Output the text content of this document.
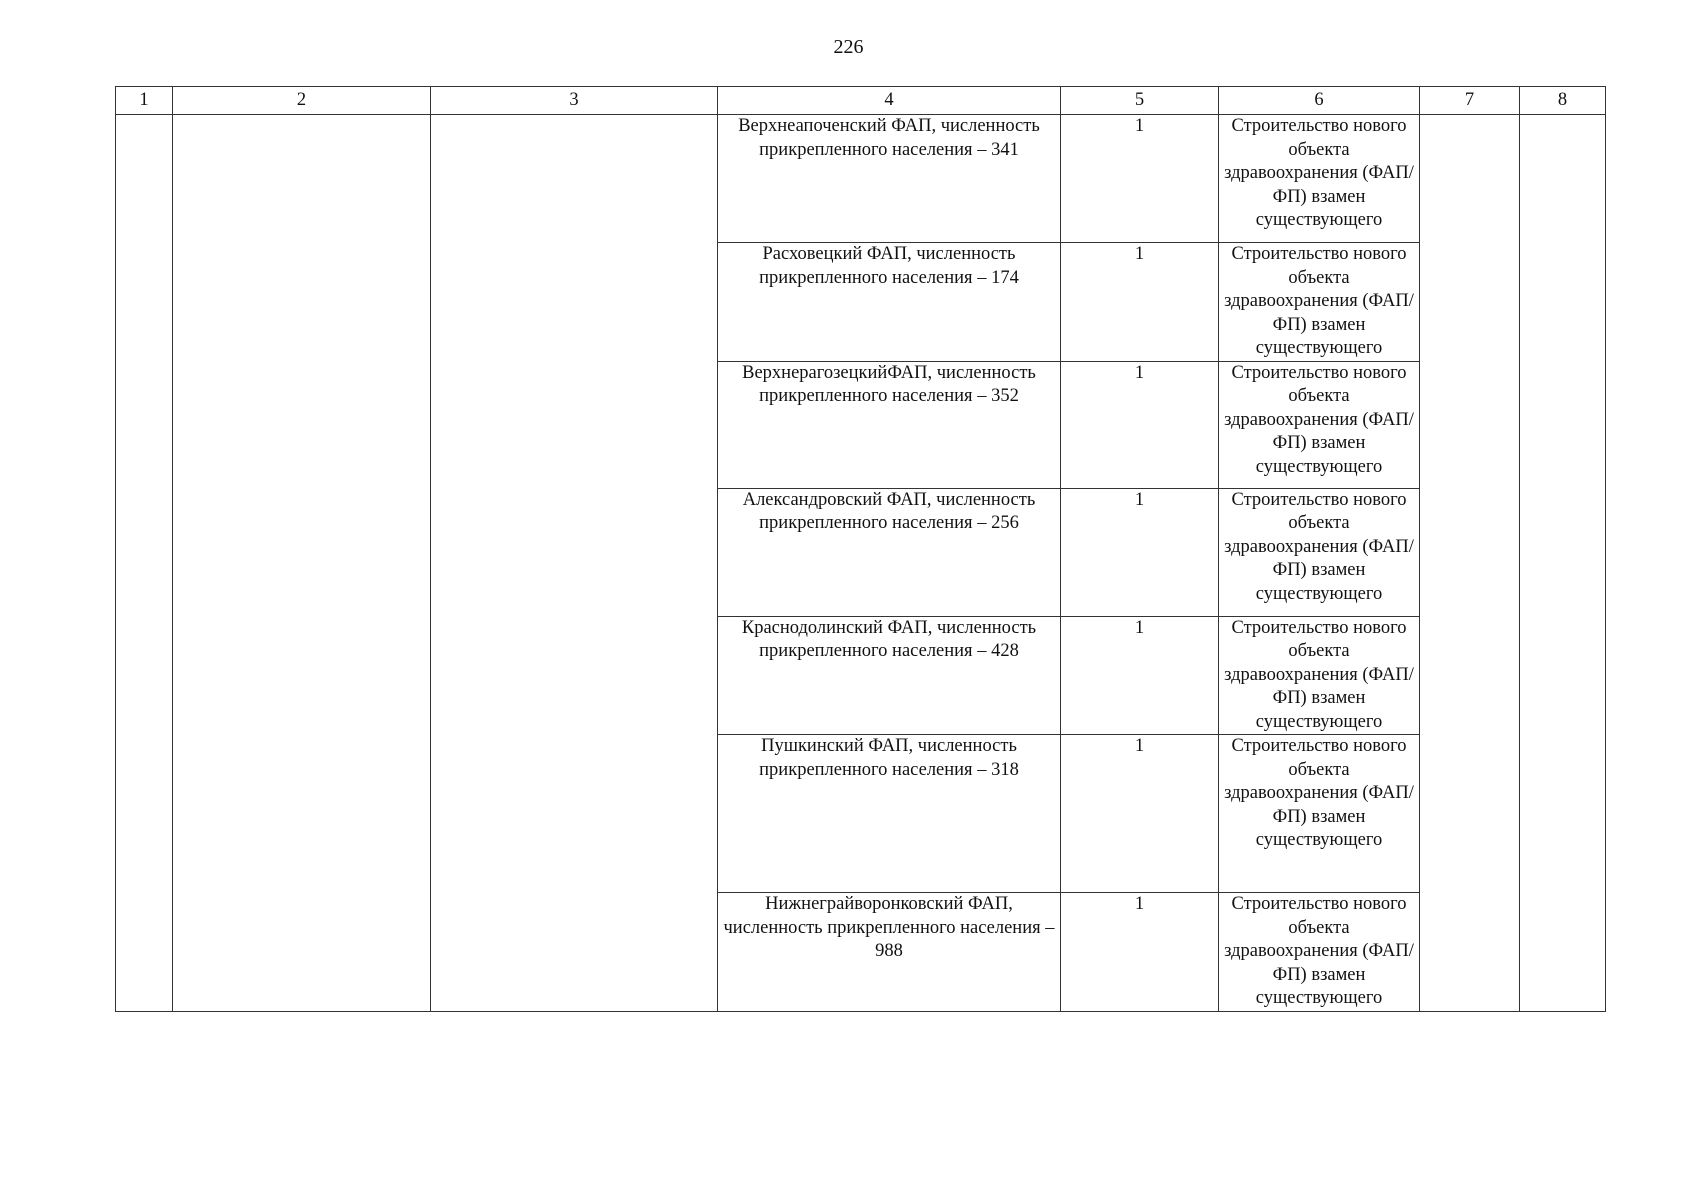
226
1	2	3	4	5	6	7	8
			Верхнеапоченский ФАП, численность прикрепленного населения – 341	1	Строительство нового объекта здравоохранения (ФАП/ФП) взамен существующего		
			Расховецкий ФАП, численность прикрепленного населения – 174	1	Строительство нового объекта здравоохранения (ФАП/ФП) взамен существующего		
			ВерхнерагозецкийФАП, численность прикрепленного населения – 352	1	Строительство нового объекта здравоохранения (ФАП/ФП) взамен существующего		
			Александровский ФАП, численность прикрепленного населения – 256	1	Строительство нового объекта здравоохранения (ФАП/ФП) взамен существующего		
			Краснодолинский ФАП, численность прикрепленного населения – 428	1	Строительство нового объекта здравоохранения (ФАП/ФП) взамен существующего		
			Пушкинский ФАП, численность прикрепленного населения – 318	1	Строительство нового объекта здравоохранения (ФАП/ФП) взамен существующего		
			Нижнеграйворонковский ФАП, численность прикрепленного населения – 988	1	Строительство нового объекта здравоохранения (ФАП/ФП) взамен существующего		
